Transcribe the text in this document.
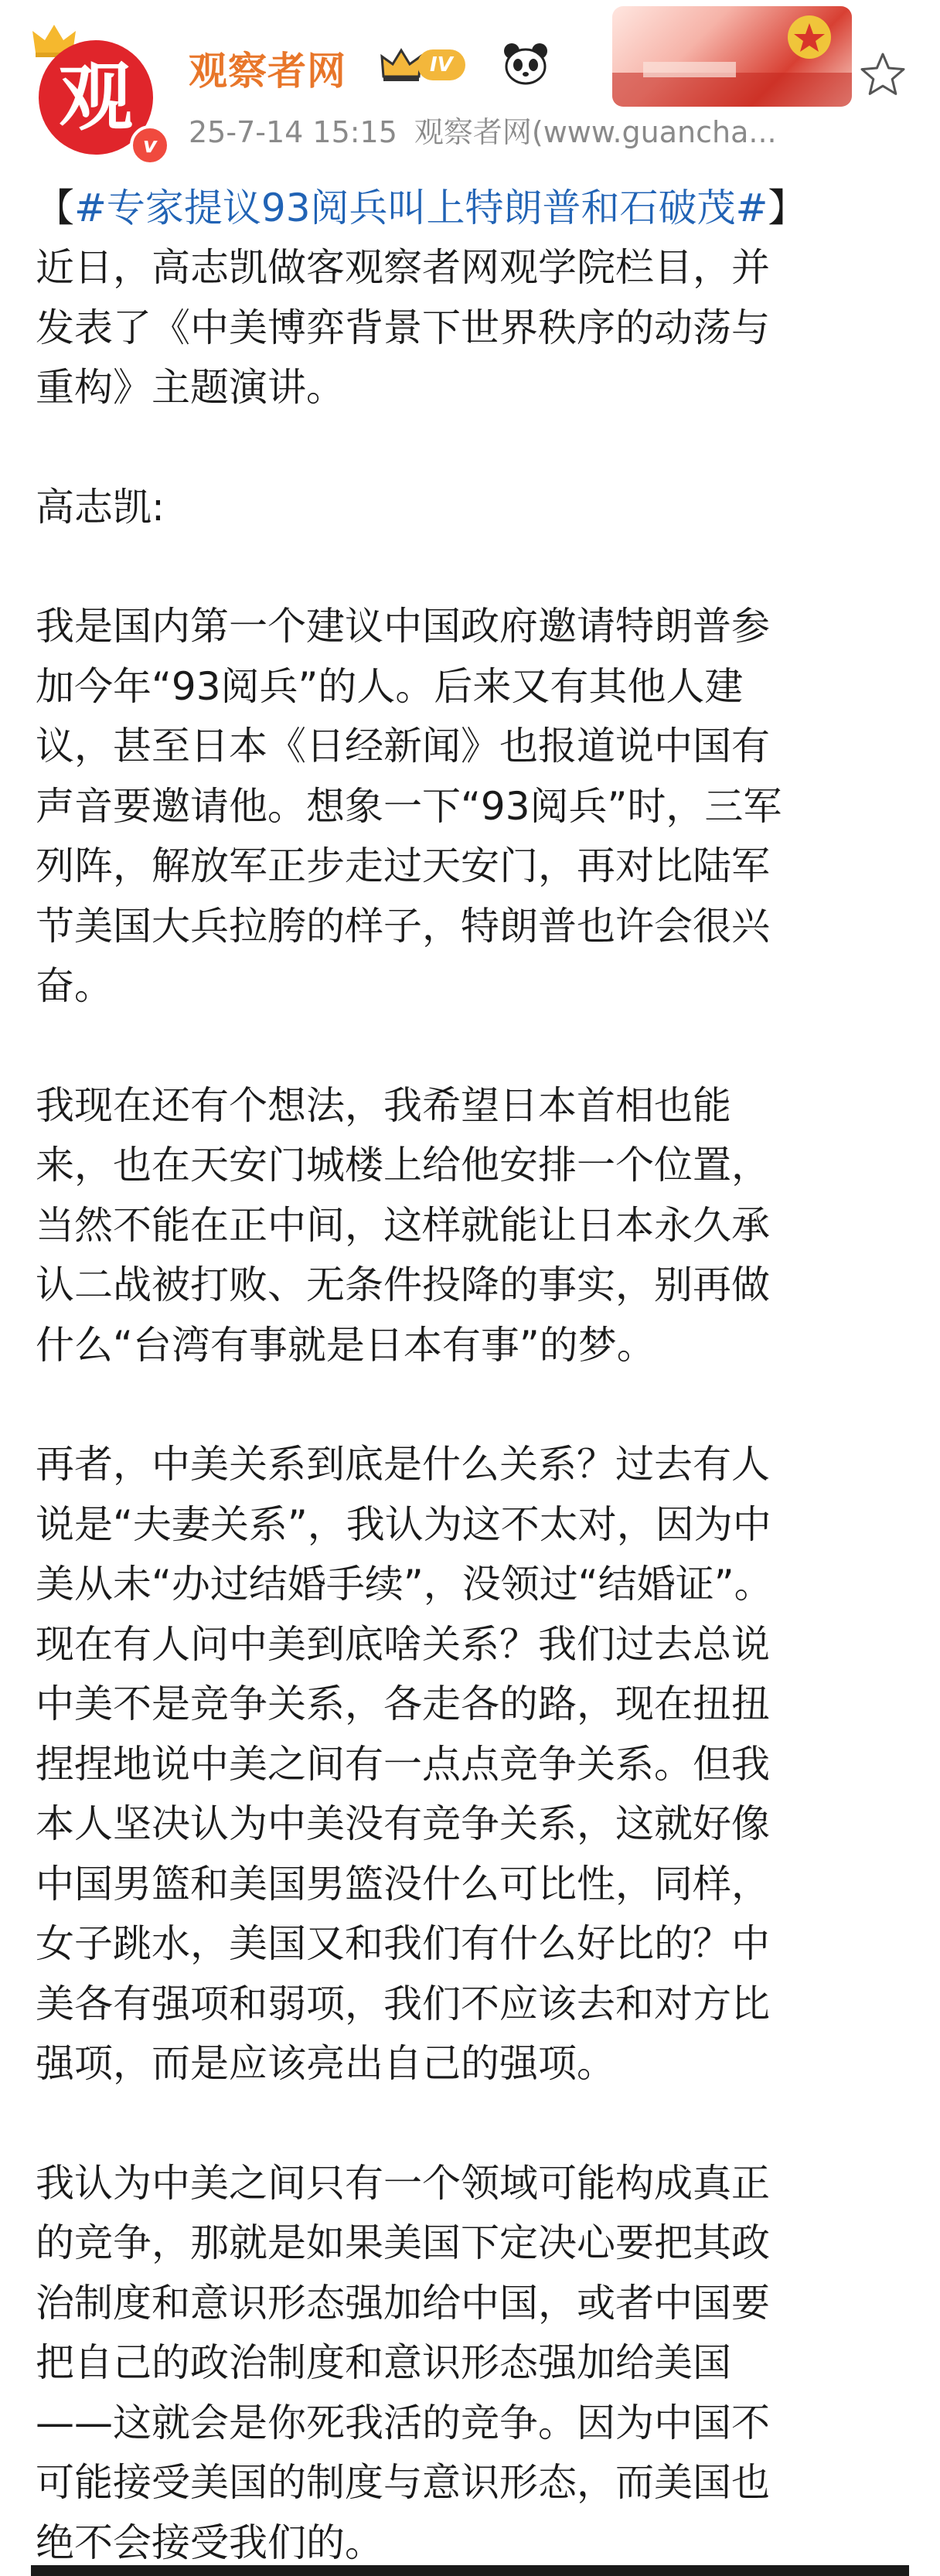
观
v
观察者网	IV
25-7-14 15:15 观察者网(www.guancha...
【#专家提议93阅兵叫上特朗普和石破茂#】

近日，高志凯做客观察者网观学院栏目，并
发表了《中美博弈背景下世界秩序的动荡与
重构》主题演讲。

高志凯:

我是国内第一个建议中国政府邀请特朗普参
加今年“93阅兵”的人。后来又有其他人建
议，甚至日本《日经新闻》也报道说中国有
声音要邀请他。想象一下“93阅兵”时，三军
列阵，解放军正步走过天安门，再对比陆军
节美国大兵拉胯的样子，特朗普也许会很兴
奋。

我现在还有个想法，我希望日本首相也能
来，也在天安门城楼上给他安排一个位置，
当然不能在正中间，这样就能让日本永久承
认二战被打败、无条件投降的事实，别再做
什么“台湾有事就是日本有事”的梦。

再者，中美关系到底是什么关系？过去有人
说是“夫妻关系”，我认为这不太对，因为中
美从未“办过结婚手续”，没领过“结婚证”。
现在有人问中美到底啥关系？我们过去总说
中美不是竞争关系，各走各的路，现在扭扭
捏捏地说中美之间有一点点竞争关系。但我
本人坚决认为中美没有竞争关系，这就好像
中国男篮和美国男篮没什么可比性，同样，
女子跳水，美国又和我们有什么好比的？中
美各有强项和弱项，我们不应该去和对方比
强项，而是应该亮出自己的强项。

我认为中美之间只有一个领域可能构成真正
的竞争，那就是如果美国下定决心要把其政
治制度和意识形态强加给中国，或者中国要
把自己的政治制度和意识形态强加给美国
——这就会是你死我活的竞争。因为中国不
可能接受美国的制度与意识形态，而美国也
绝不会接受我们的。
